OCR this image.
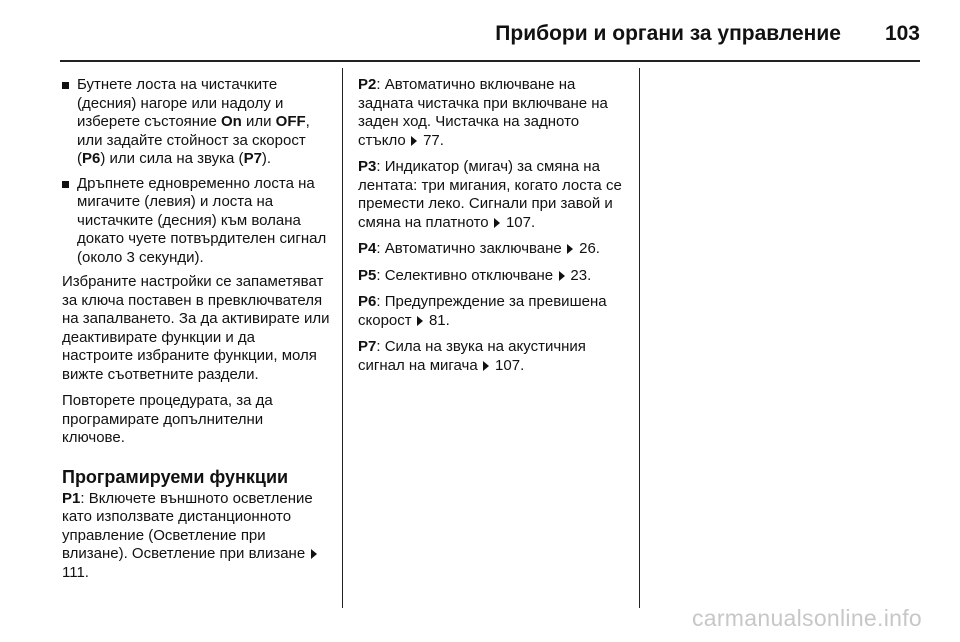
Прибори и органи за управление 103
Бутнете лоста на чистачките (десния) нагоре или надолу и изберете състояние On или OFF, или задайте стойност за скорост (P6) или сила на звука (P7).
Дръпнете едновременно лоста на мигачите (левия) и лоста на чистачките (десния) към волана докато чуете потвърдителен сигнал (около 3 секунди).

Избраните настройки се запаметяват за ключа поставен в превключвателя на запалването. За да активирате или деактивирате функции и да настроите избраните функции, моля вижте съответните раздели.

Повторете процедурата, за да програмирате допълнителни ключове.

Програмируеми функции

P1: Включете външното осветление като използвате дистанционното управление (Осветление при влизане). Осветление при влизане  111.

P2: Автоматично включване на задната чистачка при включване на заден ход. Чистачка на задното стъкло  77.

P3: Индикатор (мигач) за смяна на лентата: три мигания, когато лоста се премести леко. Сигнали при завой и смяна на платното  107.

P4: Автоматично заключване  26.

P5: Селективно отключване  23.

P6: Предупреждение за превишена скорост  81.

P7: Сила на звука на акустичния сигнал на мигача  107.

carmanualsonline.info
